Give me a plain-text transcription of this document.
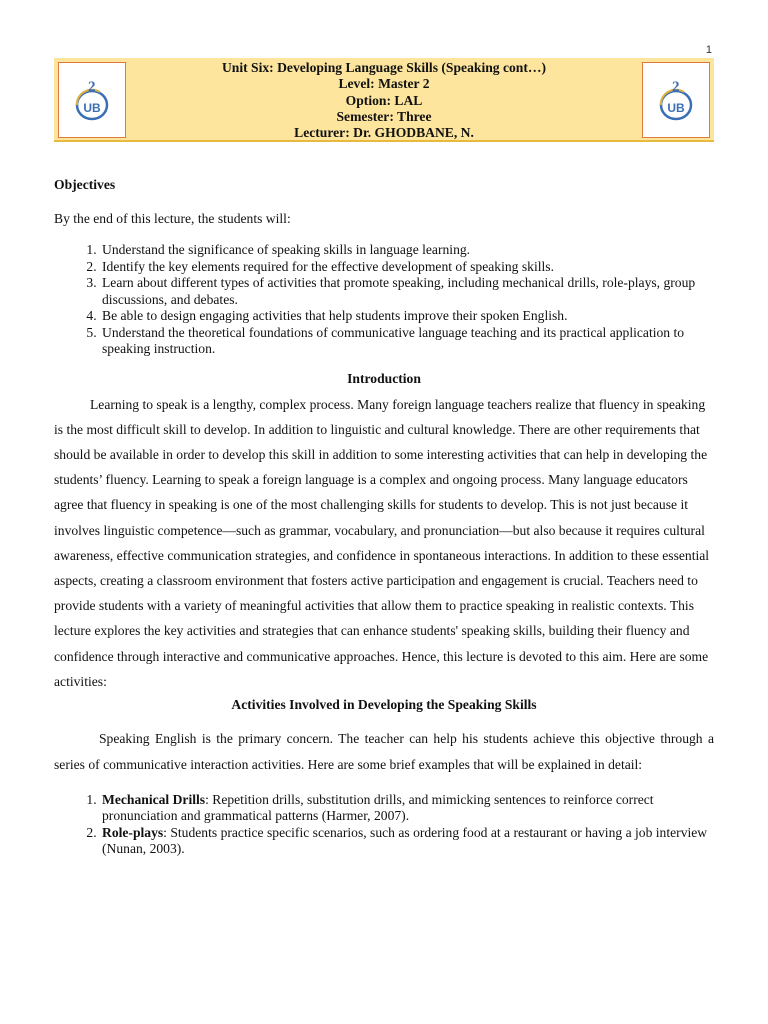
1
2
UB
Unit Six: Developing Language Skills (Speaking cont…)
Level: Master 2
Option: LAL
Semester: Three
Lecturer: Dr. GHODBANE, N.
2
UB

Objectives

By the end of this lecture, the students will:

1. Understand the significance of speaking skills in language learning.
2. Identify the key elements required for the effective development of speaking skills.
3. Learn about different types of activities that promote speaking, including mechanical drills, role-plays, group discussions, and debates.
4. Be able to design engaging activities that help students improve their spoken English.
5. Understand the theoretical foundations of communicative language teaching and its practical application to speaking instruction.

Introduction

Learning to speak is a lengthy, complex process. Many foreign language teachers realize that fluency in speaking is the most difficult skill to develop. In addition to linguistic and cultural knowledge. There are other requirements that should be available in order to develop this skill in addition to some interesting activities that can help in developing the students’ fluency. Learning to speak a foreign language is a complex and ongoing process. Many language educators agree that fluency in speaking is one of the most challenging skills for students to develop. This is not just because it involves linguistic competence—such as grammar, vocabulary, and pronunciation—but also because it requires cultural awareness, effective communication strategies, and confidence in spontaneous interactions. In addition to these essential aspects, creating a classroom environment that fosters active participation and engagement is crucial. Teachers need to provide students with a variety of meaningful activities that allow them to practice speaking in realistic contexts. This lecture explores the key activities and strategies that can enhance students' speaking skills, building their fluency and confidence through interactive and communicative approaches. Hence, this lecture is devoted to this aim. Here are some activities:

Activities Involved in Developing the Speaking Skills

Speaking English is the primary concern. The teacher can help his students achieve this objective through a series of communicative interaction activities. Here are some brief examples that will be explained in detail:

1. Mechanical Drills: Repetition drills, substitution drills, and mimicking sentences to reinforce correct pronunciation and grammatical patterns (Harmer, 2007).
2. Role-plays: Students practice specific scenarios, such as ordering food at a restaurant or having a job interview (Nunan, 2003).
